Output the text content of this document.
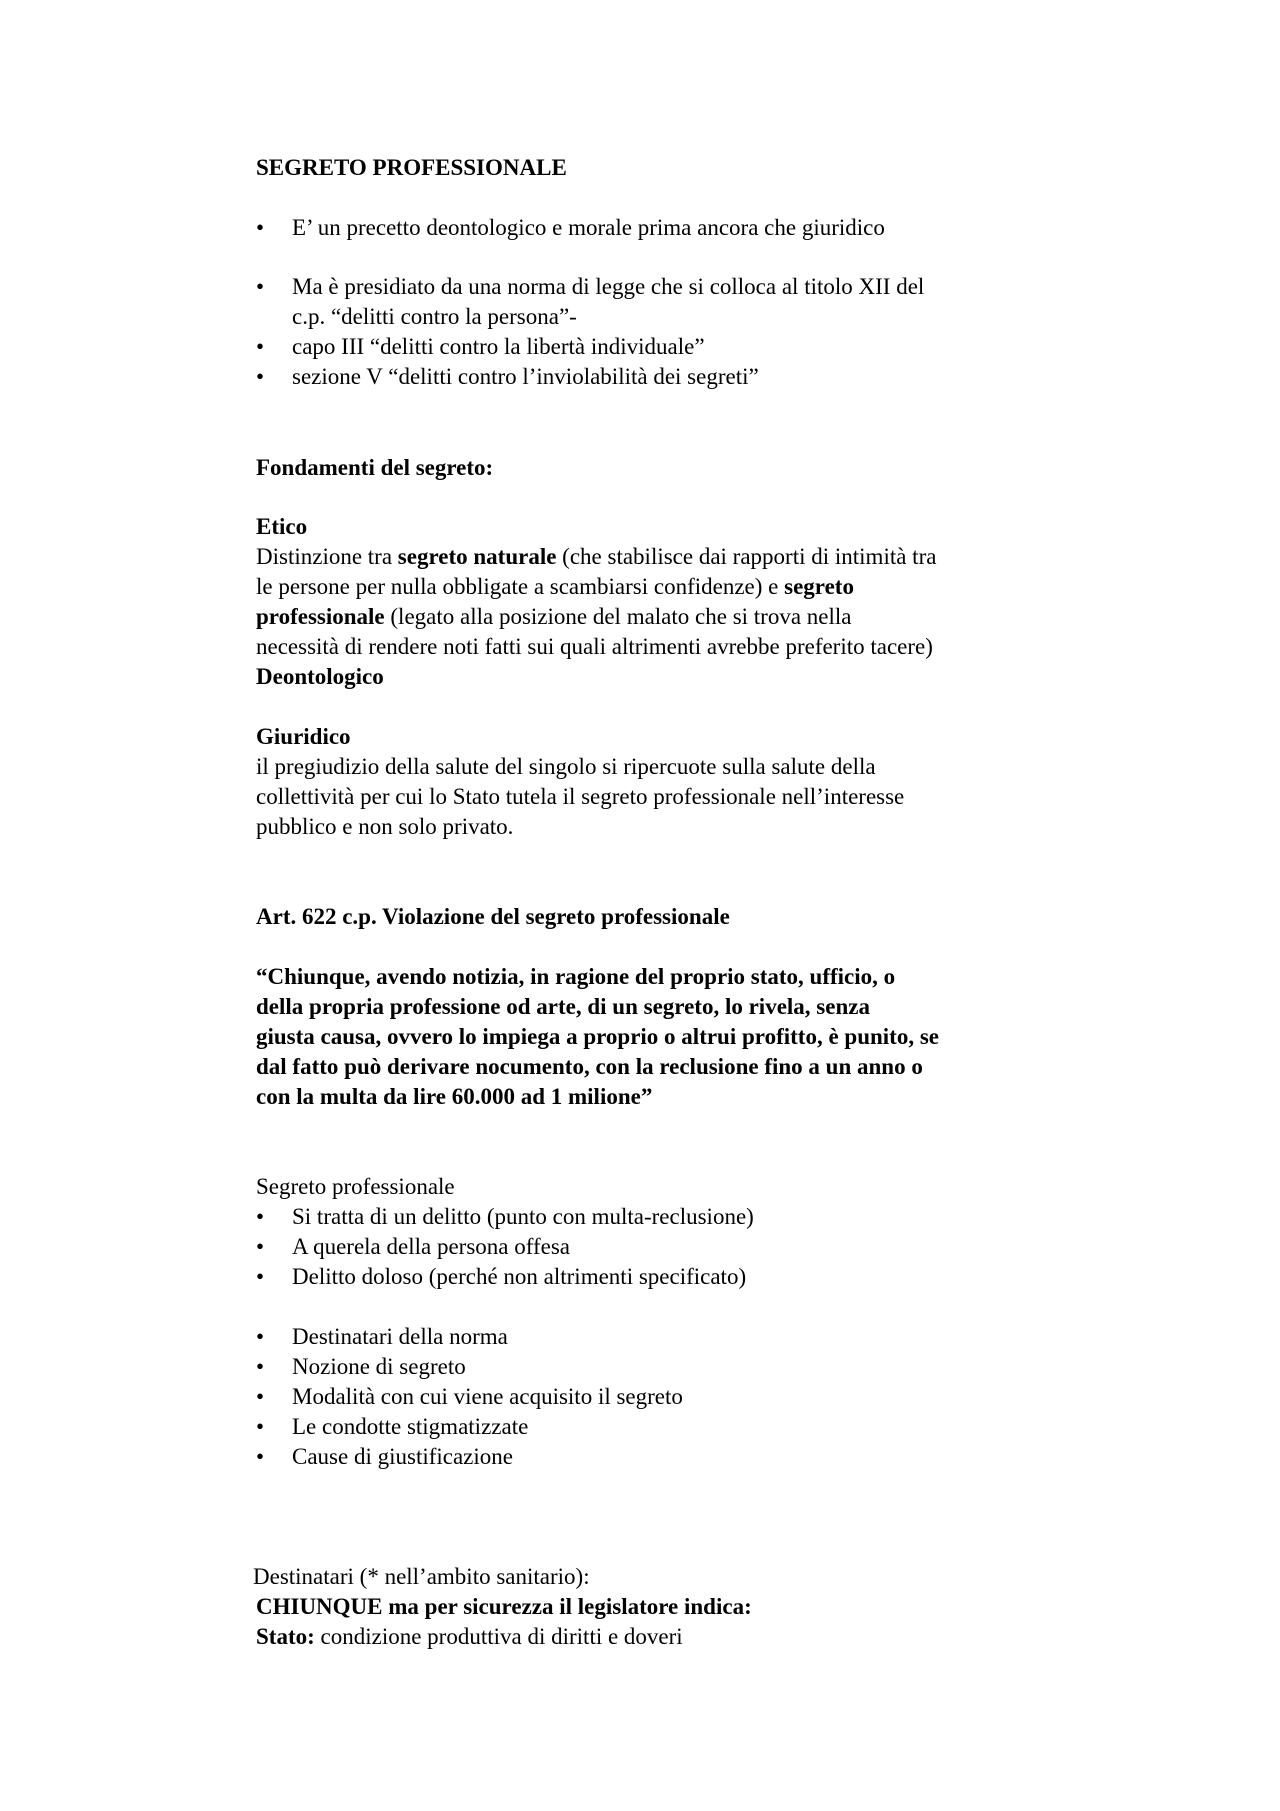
SEGRETO PROFESSIONALE
• E’ un precetto deontologico e morale prima ancora che giuridico
• Ma è presidiato da una norma di legge che si colloca al titolo XII del
c.p. “delitti contro la persona”-
• capo III “delitti contro la libertà individuale”
• sezione V “delitti contro l’inviolabilità dei segreti”
Fondamenti del segreto:
Etico
Distinzione tra segreto naturale (che stabilisce dai rapporti di intimità tra
le persone per nulla obbligate a scambiarsi confidenze) e segreto
professionale (legato alla posizione del malato che si trova nella
necessità di rendere noti fatti sui quali altrimenti avrebbe preferito tacere)
Deontologico
Giuridico
il pregiudizio della salute del singolo si ripercuote sulla salute della
collettività per cui lo Stato tutela il segreto professionale nell’interesse
pubblico e non solo privato.
Art. 622 c.p. Violazione del segreto professionale
“Chiunque, avendo notizia, in ragione del proprio stato, ufficio, o
della propria professione od arte, di un segreto, lo rivela, senza
giusta causa, ovvero lo impiega a proprio o altrui profitto, è punito, se
dal fatto può derivare nocumento, con la reclusione fino a un anno o
con la multa da lire 60.000 ad 1 milione”
Segreto professionale
• Si tratta di un delitto (punto con multa-reclusione)
• A querela della persona offesa
• Delitto doloso (perché non altrimenti specificato)
• Destinatari della norma
• Nozione di segreto
• Modalità con cui viene acquisito il segreto
• Le condotte stigmatizzate
• Cause di giustificazione
Destinatari (* nell’ambito sanitario):
CHIUNQUE ma per sicurezza il legislatore indica:
Stato: condizione produttiva di diritti e doveri
